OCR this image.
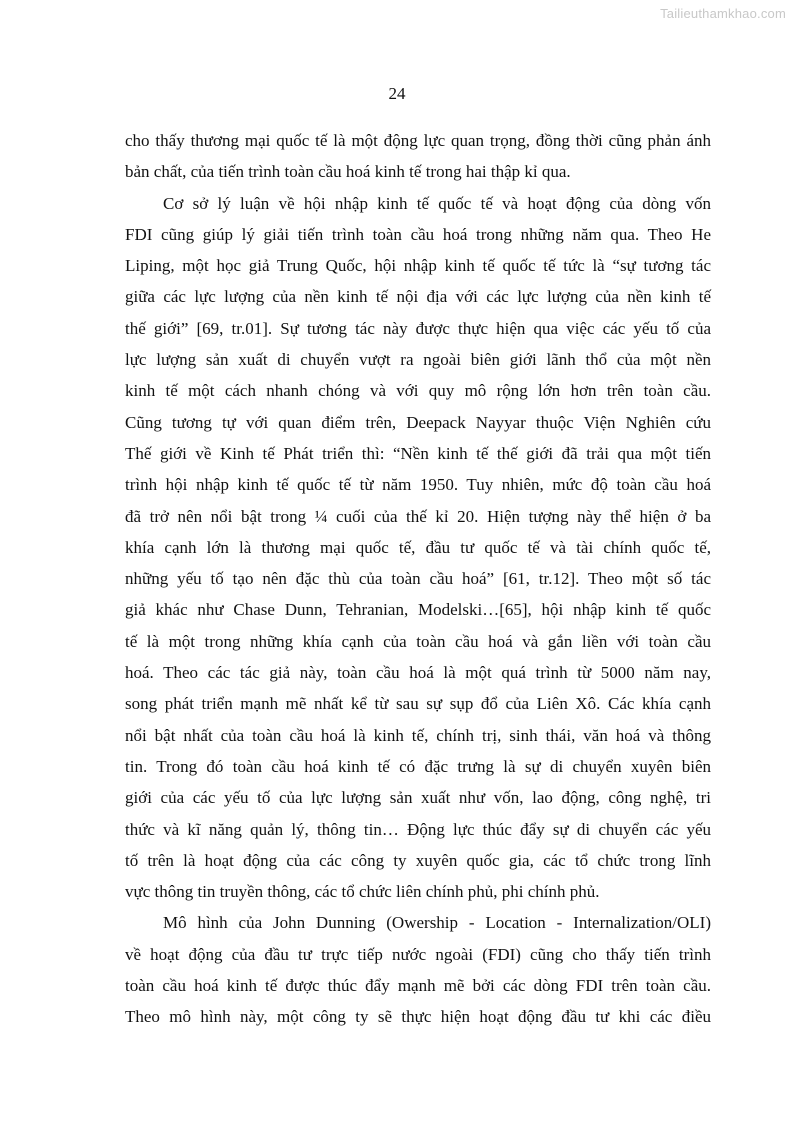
Tailieuthamkhao.com
24
cho thấy thương mại quốc tế là một động lực quan trọng, đồng thời cũng phản ánh
bản chất, của tiến trình toàn cầu hoá kinh tế trong hai thập kỉ qua.
Cơ sở lý luận về hội nhập kinh tế quốc tế và hoạt động của dòng vốn
FDI cũng giúp lý giải tiến trình toàn cầu hoá trong những năm qua. Theo He
Liping, một học giả Trung Quốc, hội nhập kinh tế quốc tế tức là “sự tương tác
giữa các lực lượng của nền kinh tế nội địa với các lực lượng của nền kinh tế
thế giới” [69, tr.01]. Sự tương tác này được thực hiện qua việc các yếu tố của
lực lượng sản xuất di chuyển vượt ra ngoài biên giới lãnh thổ của một nền
kinh tế một cách nhanh chóng và với quy mô rộng lớn hơn trên toàn cầu.
Cũng tương tự với quan điểm trên, Deepack Nayyar thuộc Viện Nghiên cứu
Thế giới về Kinh tế Phát triển thì: “Nền kinh tế thế giới đã trải qua một tiến
trình hội nhập kinh tế quốc tế từ năm 1950. Tuy nhiên, mức độ toàn cầu hoá
đã trở nên nổi bật trong ¼ cuối của thế kỉ 20. Hiện tượng này thể hiện ở ba
khía cạnh lớn là thương mại quốc tế, đầu tư quốc tế và tài chính quốc tế,
những yếu tố tạo nên đặc thù của toàn cầu hoá” [61, tr.12]. Theo một số tác
giả khác như Chase Dunn, Tehranian, Modelski…[65], hội nhập kinh tế quốc
tế là một trong những khía cạnh của toàn cầu hoá và gắn liền với toàn cầu
hoá. Theo các tác giả này, toàn cầu hoá là một quá trình từ 5000 năm nay,
song phát triển mạnh mẽ nhất kể từ sau sự sụp đổ của Liên Xô. Các khía cạnh
nổi bật nhất của toàn cầu hoá là kinh tế, chính trị, sinh thái, văn hoá và thông
tin. Trong đó toàn cầu hoá kinh tế có đặc trưng là sự di chuyển xuyên biên
giới của các yếu tố của lực lượng sản xuất như vốn, lao động, công nghệ, tri
thức và kĩ năng quản lý, thông tin… Động lực thúc đẩy sự di chuyển các yếu
tố trên là hoạt động của các công ty xuyên quốc gia, các tổ chức trong lĩnh
vực thông tin truyền thông, các tổ chức liên chính phủ, phi chính phủ.
Mô hình của John Dunning (Owership - Location - Internalization/OLI)
về hoạt động của đầu tư trực tiếp nước ngoài (FDI) cũng cho thấy tiến trình
toàn cầu hoá kinh tế được thúc đẩy mạnh mẽ bởi các dòng FDI trên toàn cầu.
Theo mô hình này, một công ty sẽ thực hiện hoạt động đầu tư khi các điều
